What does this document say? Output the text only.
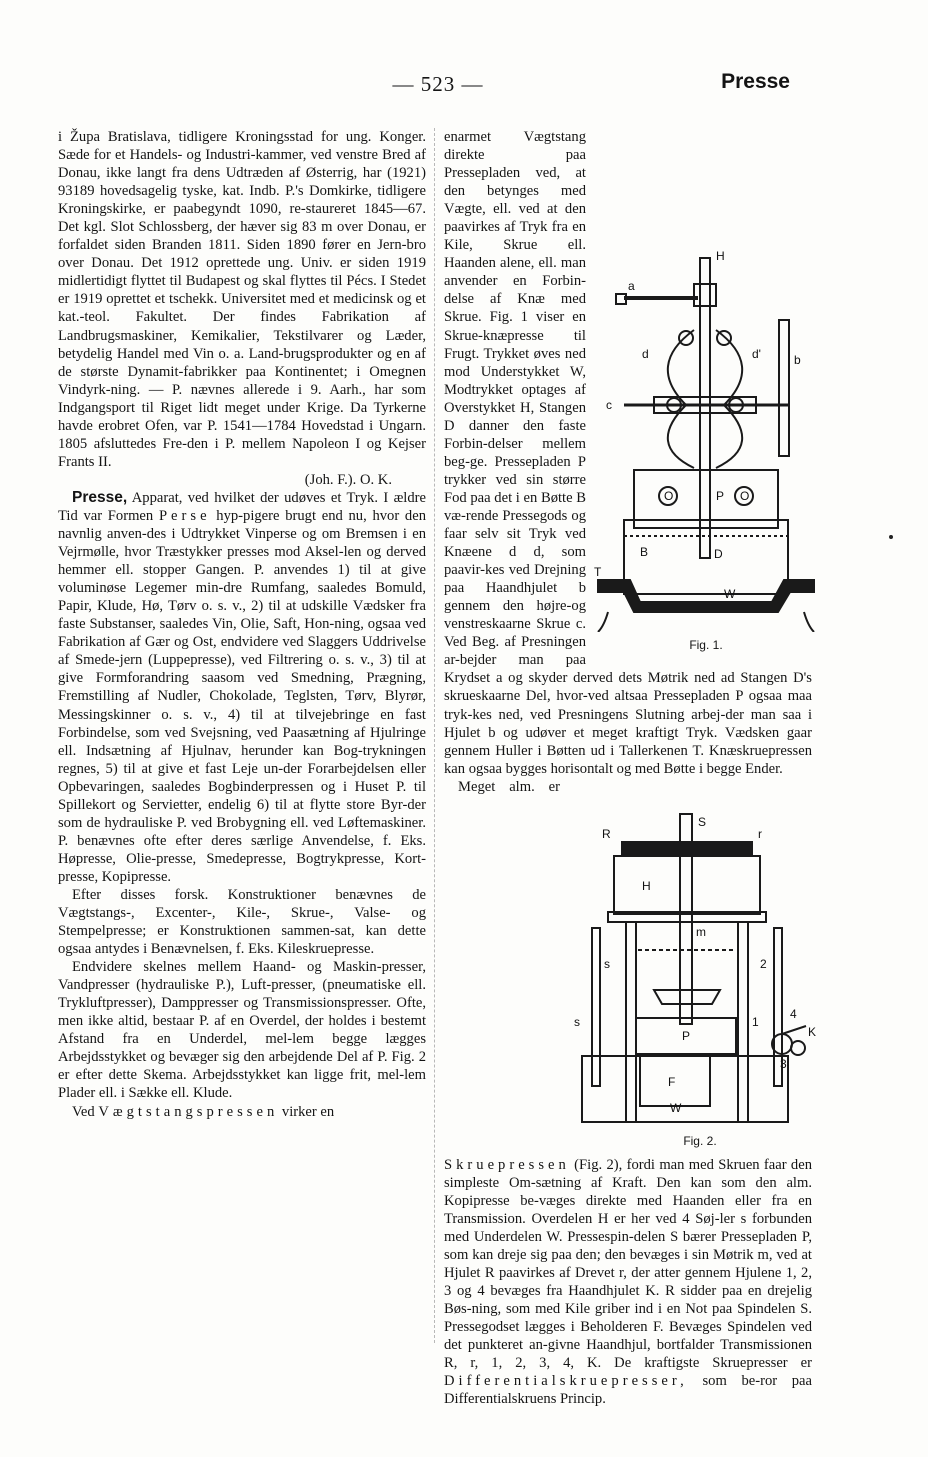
— 523 —	Presse

i Župa Bratislava, tidligere Kroningsstad for ung. Konger. Sæde for et Handels- og Industri-kammer, ved venstre Bred af Donau, ikke langt fra dens Udtræden af Østerrig, har (1921) 93189 hovedsagelig tyske, kat. Indb. P.'s Domkirke, tidligere Kroningskirke, er paabegyndt 1090, re-staureret 1845—67. Det kgl. Slot Schlossberg, der hæver sig 83 m over Donau, er forfaldet siden Branden 1811. Siden 1890 fører en Jern-bro over Donau. Det 1912 oprettede ung. Univ. er siden 1919 midlertidigt flyttet til Budapest og skal flyttes til Pécs. I Stedet er 1919 oprettet et tschekk. Universitet med et medicinsk og et kat.-teol. Fakultet. Der findes Fabrikation af Landbrugsmaskiner, Kemikalier, Tekstilvarer og Læder, betydelig Handel med Vin o. a. Land-brugsprodukter og en af de største Dynamit-fabrikker paa Kontinentet; i Omegnen Vindyrk-ning. — P. nævnes allerede i 9. Aarh., har som Indgangsport til Riget lidt meget under Krige. Da Tyrkerne havde erobret Ofen, var P. 1541—1784 Hovedstad i Ungarn. 1805 afsluttedes Fre-den i P. mellem Napoleon I og Kejser Frants II.

(Joh. F.). O. K.

Presse, Apparat, ved hvilket der udøves et Tryk. I ældre Tid var Formen Perse hyp-pigere brugt end nu, hvor den navnlig anven-des i Udtrykket Vinperse og om Bremsen i en Vejrmølle, hvor Træstykker presses mod Aksel-len og derved hemmer ell. stopper Gangen. P. anvendes 1) til at give voluminøse Legemer min-dre Rumfang, saaledes Bomuld, Papir, Klude, Hø, Tørv o. s. v., 2) til at udskille Vædsker fra faste Substanser, saaledes Vin, Olie, Saft, Hon-ning, ogsaa ved Fabrikation af Gær og Ost, endvidere ved Slaggers Uddrivelse af Smede-jern (Luppepresse), ved Filtrering o. s. v., 3) til at give Formforandring saasom ved Smedning, Prægning, Fremstilling af Nudler, Chokolade, Teglsten, Tørv, Blyrør, Messingskinner o. s. v., 4) til at tilvejebringe en fast Forbindelse, som ved Svejsning, ved Paasætning af Hjulringe ell. Indsætning af Hjulnav, herunder kan Bog-trykningen regnes, 5) til at give et fast Leje un-der Forarbejdelsen eller Opbevaringen, saaledes Bogbinderpressen og i Huset P. til Spillekort og Servietter, endelig 6) til at flytte store Byr-der som de hydrauliske P. ved Brobygning ell. ved Løftemaskiner. P. benævnes ofte efter deres særlige Anvendelse, f. Eks. Høpresse, Olie-presse, Smedepresse, Bogtrykpresse, Kort-presse, Kopipresse.

Efter disses forsk. Konstruktioner benævnes de Vægtstangs-, Excenter-, Kile-, Skrue-, Valse- og Stempelpresse; er Konstruktionen sammen-sat, kan dette ogsaa antydes i Benævnelsen, f. Eks. Kileskruepresse.

Endvidere skelnes mellem Haand- og Maskin-presser, Vandpresser (hydrauliske P.), Luft-presser, (pneumatiske ell. Trykluftpresser), Damppresser og Transmissionspresser. Ofte, men ikke altid, bestaar P. af en Overdel, der holdes i bestemt Afstand fra en Underdel, mel-lem begge lægges Arbejdsstykket og bevæger sig den arbejdende Del af P. Fig. 2 er efter dette Skema. Arbejdsstykket kan ligge frit, mel-lem Plader ell. i Sække ell. Klude.

Ved Vægtstangspressen virker en

H
a
d	d'	b
c
O	P O
B	D
T
W
Fig. 1.
enarmet Vægtstang direkte paa Pressepladen ved, at den betynges med Vægte, ell. ved at den paavirkes af Tryk fra en Kile, Skrue ell. Haanden alene, ell. man anvender en Forbin-delse af Knæ med Skrue. Fig. 1 viser en Skrue-knæpresse til Frugt. Trykket øves ned mod Understykket W, Modtrykket optages af Overstykket H, Stangen D danner den faste Forbin-delser mellem beg-ge. Pressepladen P trykker ved sin større Fod paa det i en Bøtte B væ-rende Pressegods og faar selv sit Tryk ved Knæene d d, som paavir-kes ved Drejning paa Haandhjulet b gennem den højre-og venstreskaarne Skrue c. Ved Beg. af Presningen ar-bejder man paa Krydset a og skyder derved dets Møtrik ned ad Stangen D's skrueskaarne Del, hvor-ved altsaa Pressepladen P ogsaa maa tryk-kes ned, ved Presningens Slutning arbej-der man saa i Hjulet b og udøver et meget kraftigt Tryk. Vædsken gaar gennem Huller i Bøtten ud i Tallerkenen T. Knæskruepressen kan ogsaa bygges horisontalt og med Bøtte i begge Ender.

S
R	r
H
m
s
s	2
1
4
K
3
P
F
W
Fig. 2.
Meget alm. er Skruepressen (Fig. 2), fordi man med Skruen faar den simpleste Om-sætning af Kraft. Den kan som den alm. Kopipresse be-væges direkte med Haanden eller fra en Transmission. Overdelen H er her ved 4 Søj-ler s forbunden med Underdelen W. Pressespin-delen S bærer Pressepladen P, som kan dreje sig paa den; den bevæges i sin Møtrik m, ved at Hjulet R paavirkes af Drevet r, der atter gennem Hjulene 1, 2, 3 og 4 bevæges fra Haandhjulet K. R sidder paa en drejelig Bøs-ning, som med Kile griber ind i en Not paa Spindelen S. Pressegodset lægges i Beholderen F. Bevæges Spindelen ved det punkteret an-givne Haandhjul, bortfalder Transmissionen R, r, 1, 2, 3, 4, K. De kraftigste Skruepresser er Differentialskruepresser, som be-ror paa Differentialskruens Princip.
